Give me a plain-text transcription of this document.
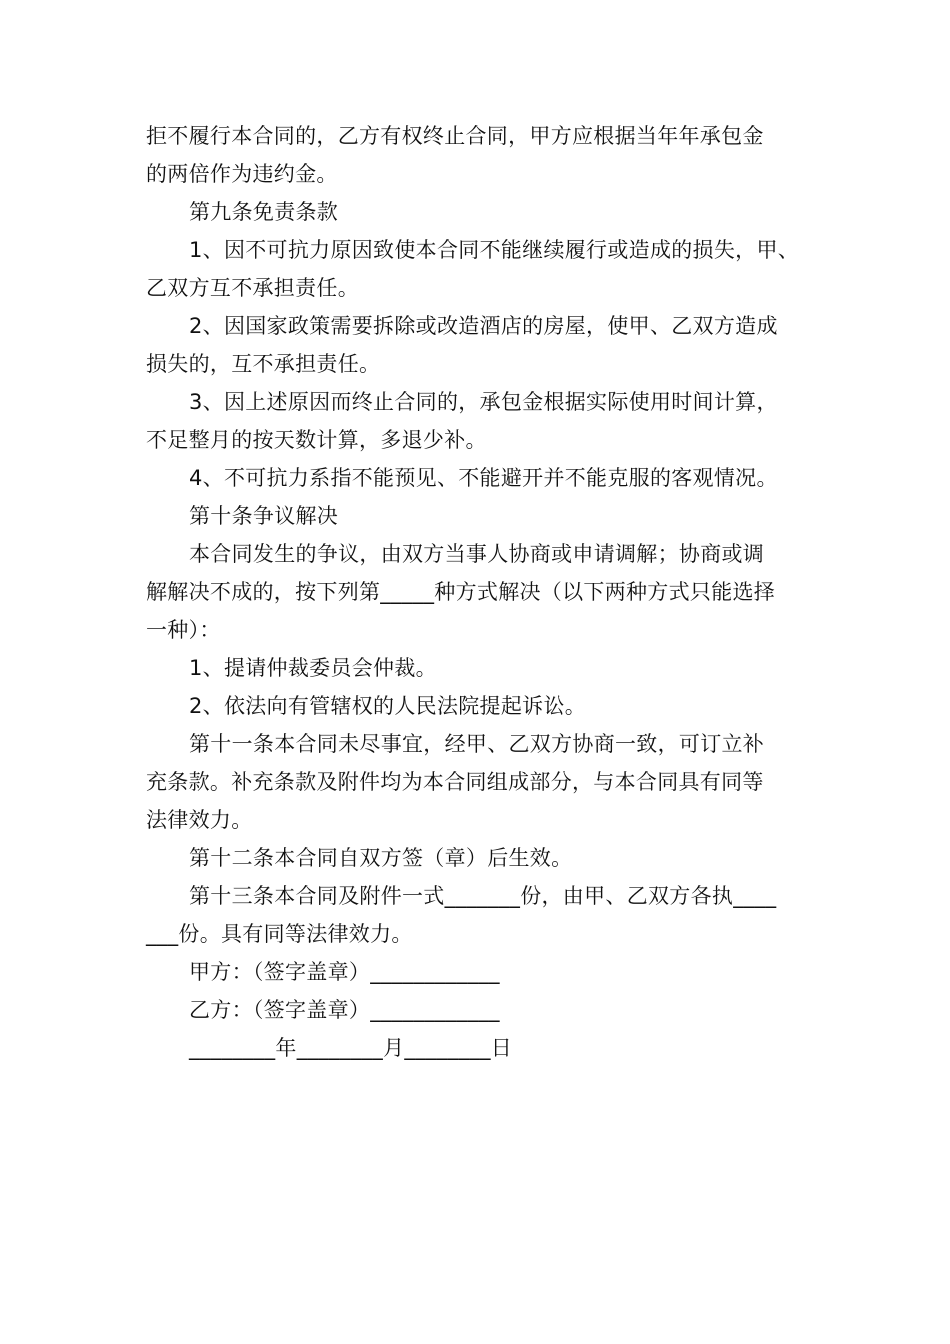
拒不履行本合同的，乙方有权终止合同，甲方应根据当年年承包金

的两倍作为违约金。

第九条免责条款

1、因不可抗力原因致使本合同不能继续履行或造成的损失，甲、

乙双方互不承担责任。

2、因国家政策需要拆除或改造酒店的房屋，使甲、乙双方造成

损失的，互不承担责任。

3、因上述原因而终止合同的，承包金根据实际使用时间计算，

不足整月的按天数计算，多退少补。

4、不可抗力系指不能预见、不能避开并不能克服的客观情况。

第十条争议解决

本合同发生的争议，由双方当事人协商或申请调解；协商或调

解解决不成的，按下列第_____种方式解决（以下两种方式只能选择

一种）：

1、提请仲裁委员会仲裁。

2、依法向有管辖权的人民法院提起诉讼。

第十一条本合同未尽事宜，经甲、乙双方协商一致，可订立补

充条款。补充条款及附件均为本合同组成部分，与本合同具有同等

法律效力。

第十二条本合同自双方签（章）后生效。

第十三条本合同及附件一式_______份，由甲、乙双方各执____

___份。具有同等法律效力。

甲方：（签字盖章）____________

乙方：（签字盖章）____________

________年________月________日
